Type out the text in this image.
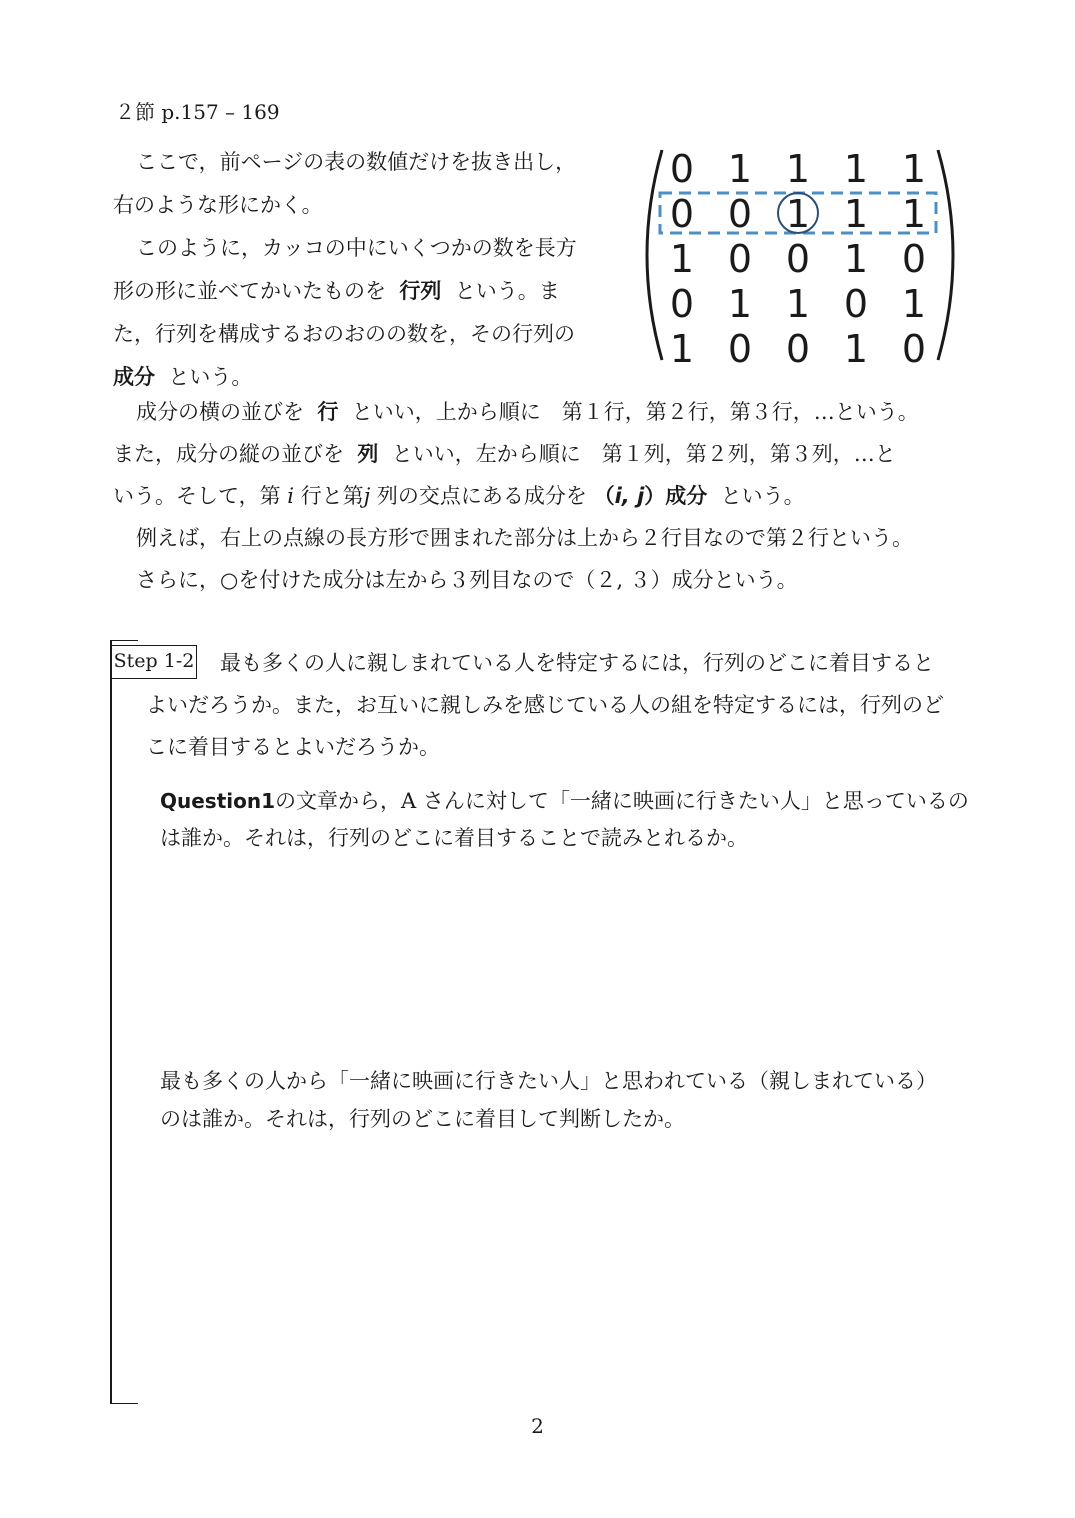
２節 p.157 – 169
ここで，前ページの表の数値だけを抜き出し，
右のような形にかく。
このように，カッコの中にいくつかの数を長方
形の形に並べてかいたものを 行列 という。ま
た，行列を構成するおのおのの数を，その行列の
成分 という。
0 1 1 1 1
0 0 1 1 1
1 0 0 1 0
0 1 1 0 1
1 0 0 1 0
成分の横の並びを 行 といい，上から順に　第１行，第２行，第３行，…という。
また，成分の縦の並びを 列 といい，左から順に　第１列，第２列，第３列，…と
いう。そして，第 i 行と第j 列の交点にある成分を （i, j）成分 という。
例えば，右上の点線の長方形で囲まれた部分は上から２行目なので第２行という。
さらに，○を付けた成分は左から３列目なので（２, ３）成分という。
Step 1-2 最も多くの人に親しまれている人を特定するには，行列のどこに着目すると
よいだろうか。また，お互いに親しみを感じている人の組を特定するには，行列のど
こに着目するとよいだろうか。
Question1の文章から，A さんに対して「一緒に映画に行きたい人」と思っているの
は誰か。それは，行列のどこに着目することで読みとれるか。
最も多くの人から「一緒に映画に行きたい人」と思われている（親しまれている）
のは誰か。それは，行列のどこに着目して判断したか。
2
